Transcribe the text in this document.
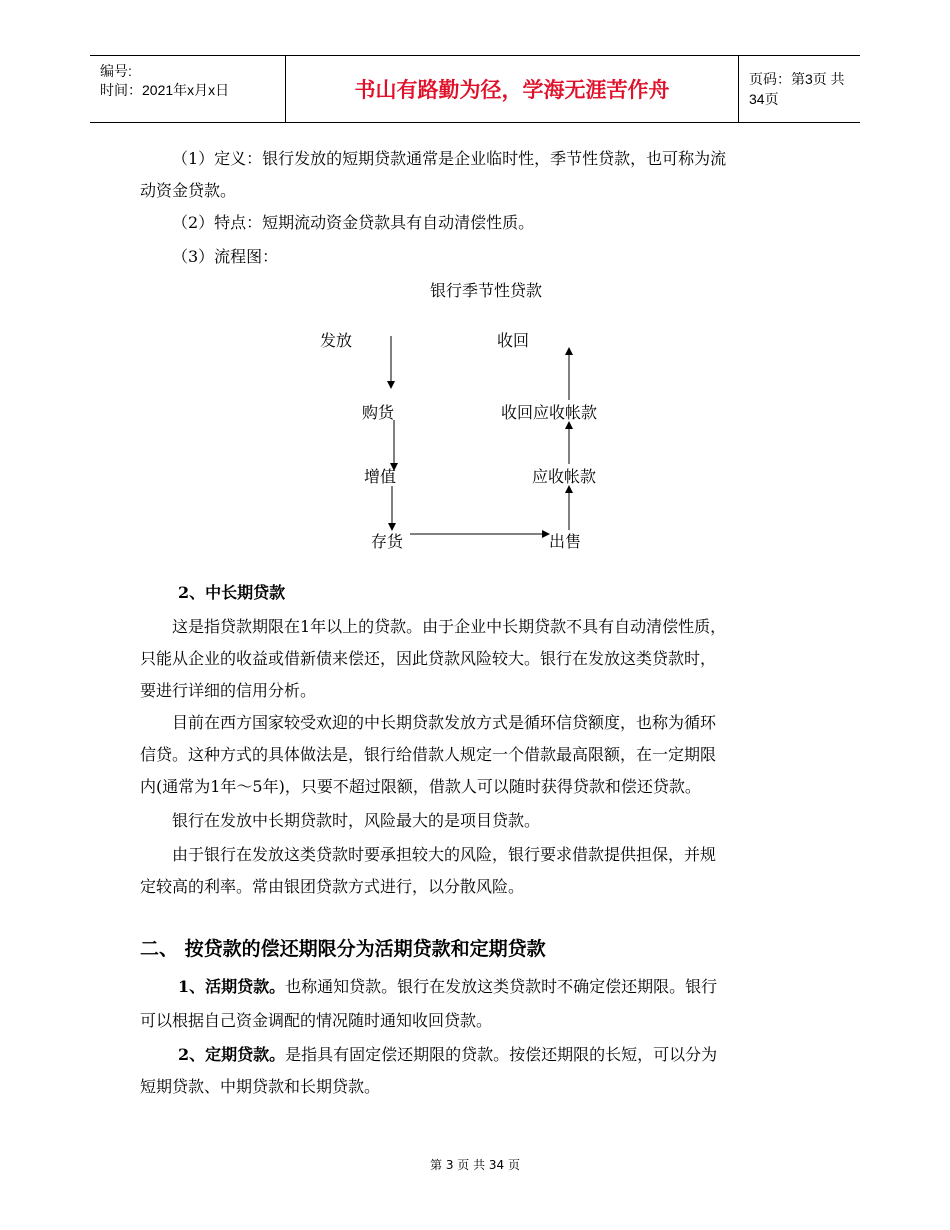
编号:
时间：2021年x月x日	书山有路勤为径，学海无涯苦作舟	页码：第3页 共34页
（1）定义：银行发放的短期贷款通常是企业临时性，季节性贷款，也可称为流
动资金贷款。
（2）特点：短期流动资金贷款具有自动清偿性质。
（3）流程图：
银行季节性贷款
发放	收回
购货	收回应收帐款
增值	应收帐款
存货	出售
2、中长期贷款
这是指贷款期限在1年以上的贷款。由于企业中长期贷款不具有自动清偿性质，
只能从企业的收益或借新债来偿还，因此贷款风险较大。银行在发放这类贷款时，
要进行详细的信用分析。
目前在西方国家较受欢迎的中长期贷款发放方式是循环信贷额度，也称为循环
信贷。这种方式的具体做法是，银行给借款人规定一个借款最高限额，在一定期限
内(通常为1年～5年)，只要不超过限额，借款人可以随时获得贷款和偿还贷款。
银行在发放中长期贷款时，风险最大的是项目贷款。
由于银行在发放这类贷款时要承担较大的风险，银行要求借款提供担保，并规
定较高的利率。常由银团贷款方式进行，以分散风险。
二、 按贷款的偿还期限分为活期贷款和定期贷款
1、活期贷款。也称通知贷款。银行在发放这类贷款时不确定偿还期限。银行
可以根据自己资金调配的情况随时通知收回贷款。
2、定期贷款。是指具有固定偿还期限的贷款。按偿还期限的长短，可以分为
短期贷款、中期贷款和长期贷款。
第 3 页 共 34 页
